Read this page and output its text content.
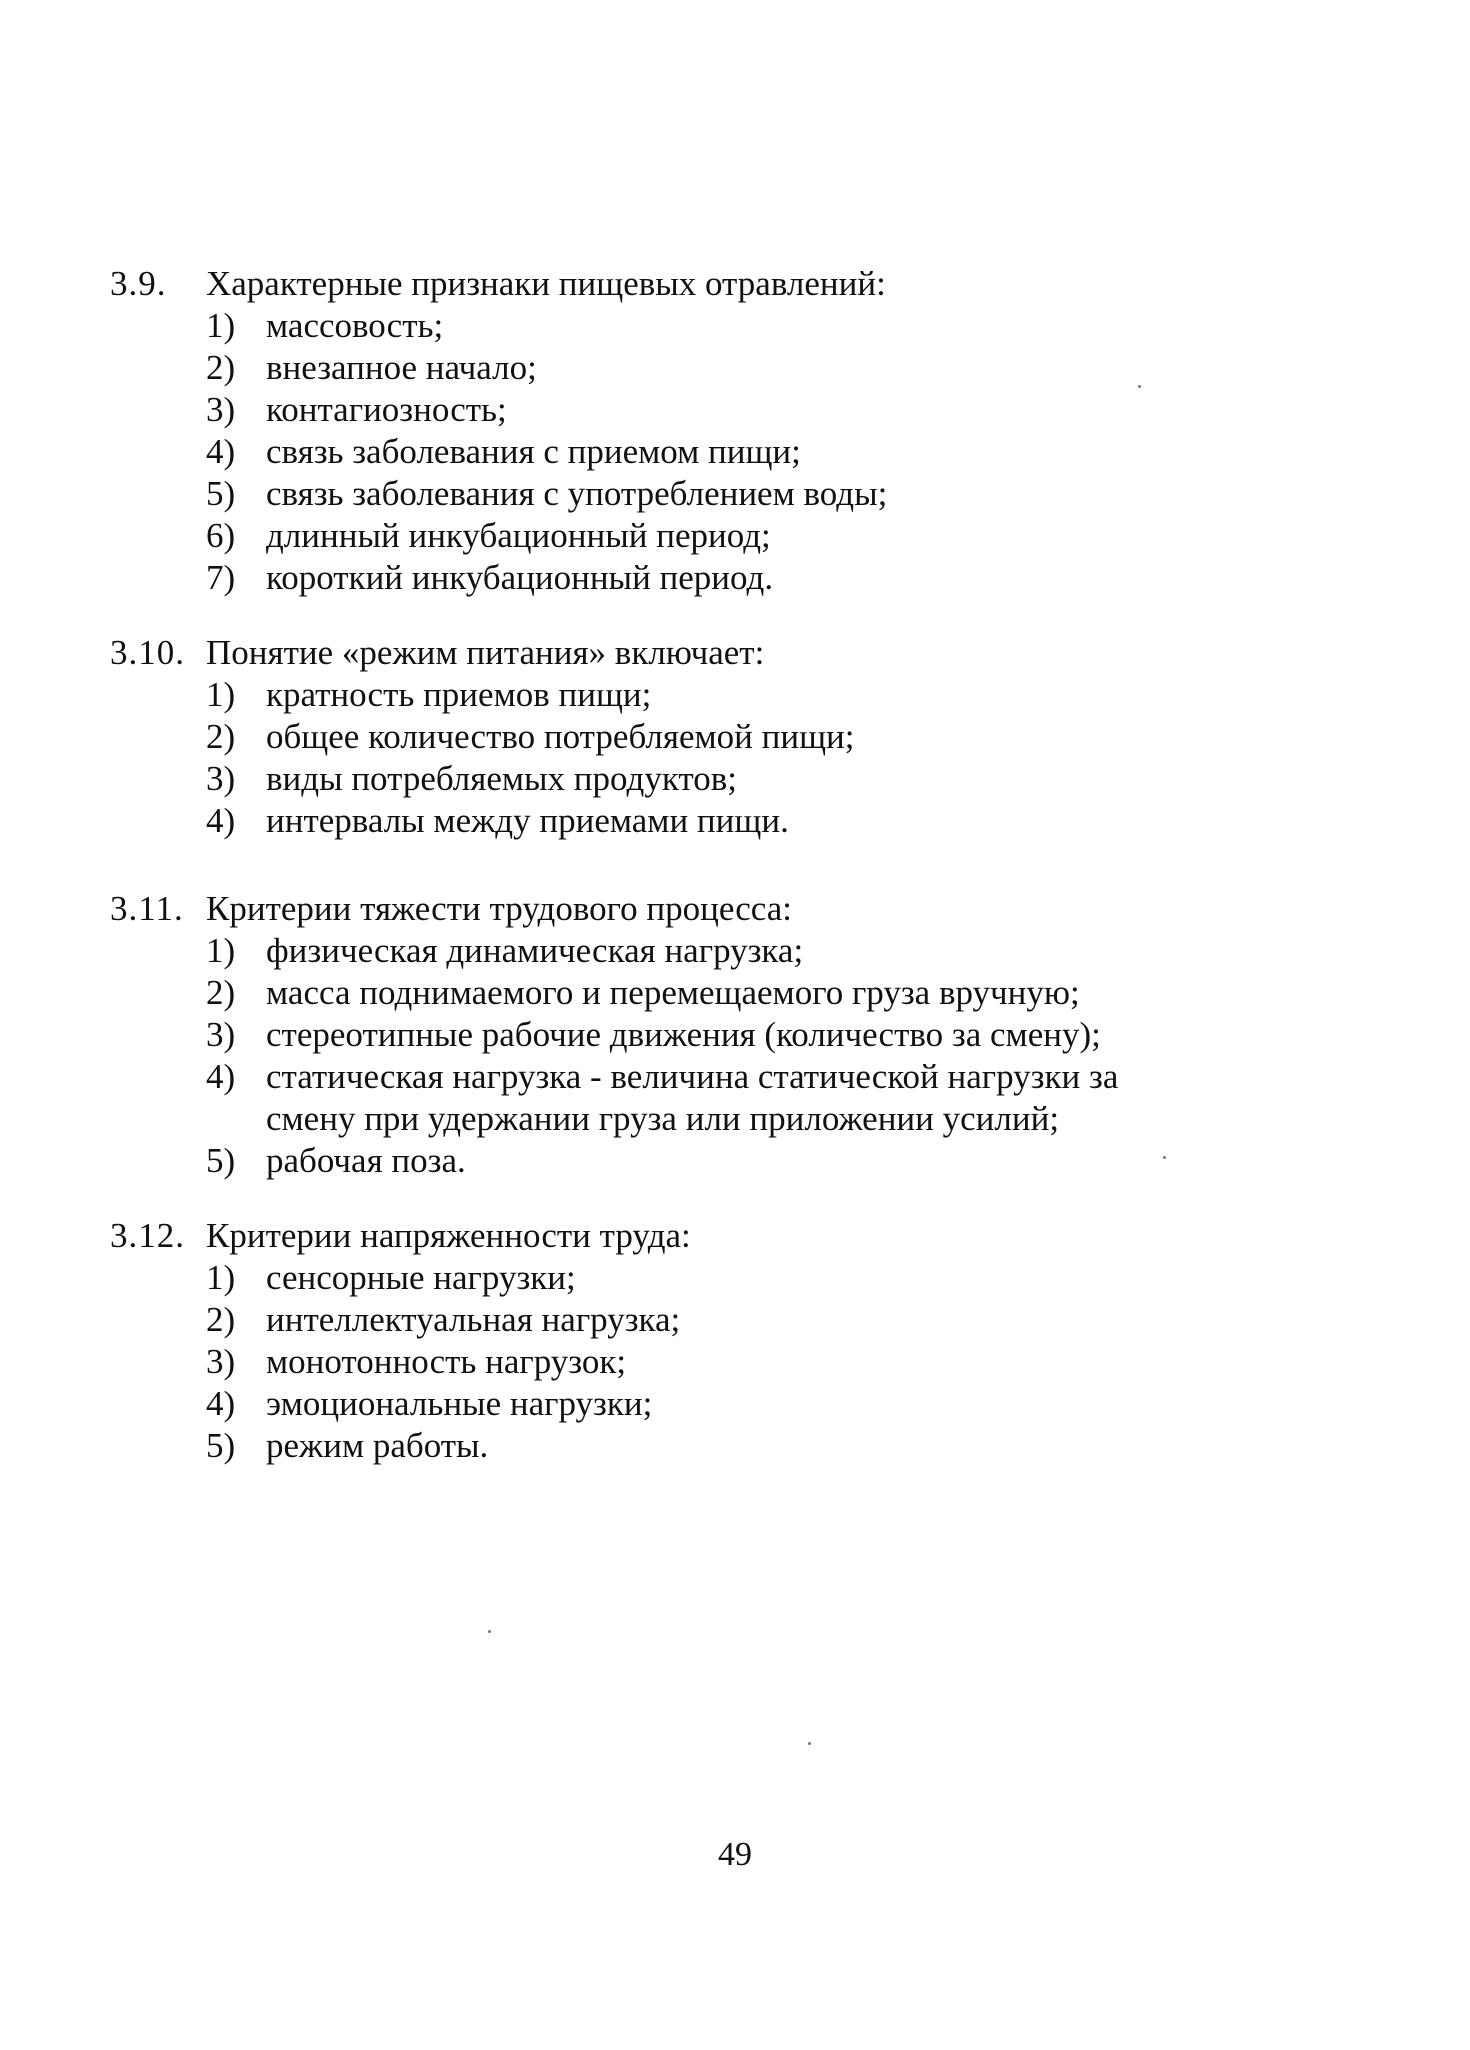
3.9. Характерные признаки пищевых отравлений:
1) массовость;
2) внезапное начало;
3) контагиозность;
4) связь заболевания с приемом пищи;
5) связь заболевания с употреблением воды;
6) длинный инкубационный период;
7) короткий инкубационный период.
3.10. Понятие «режим питания» включает:
1) кратность приемов пищи;
2) общее количество потребляемой пищи;
3) виды потребляемых продуктов;
4) интервалы между приемами пищи.
3.11. Критерии тяжести трудового процесса:
1) физическая динамическая нагрузка;
2) масса поднимаемого и перемещаемого груза вручную;
3) стереотипные рабочие движения (количество за смену);
4) статическая нагрузка - величина статической нагрузки за смену при удержании груза или приложении усилий;
5) рабочая поза.
3.12. Критерии напряженности труда:
1) сенсорные нагрузки;
2) интеллектуальная нагрузка;
3) монотонность нагрузок;
4) эмоциональные нагрузки;
5) режим работы.
49
